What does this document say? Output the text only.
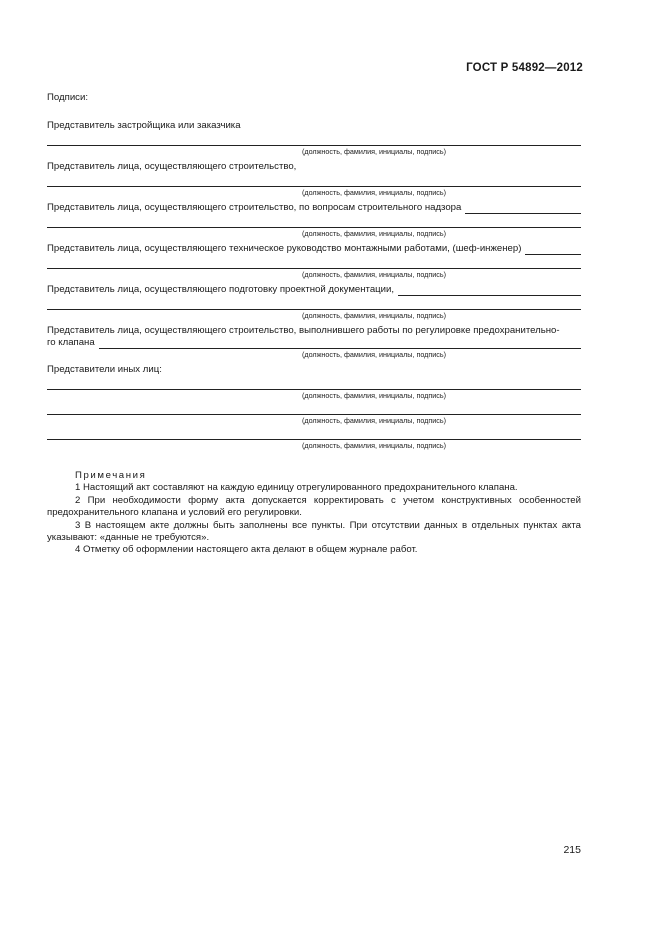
ГОСТ Р 54892—2012

Подписи:

Представитель застройщика или заказчика

(должность, фамилия, инициалы, подпись)

Представитель лица, осуществляющего строительство,

(должность, фамилия, инициалы, подпись)
Представитель лица, осуществляющего строительство, по вопросам строительного надзора
(должность, фамилия, инициалы, подпись)
Представитель лица, осуществляющего техническое руководство монтажными работами, (шеф-инженер)
(должность, фамилия, инициалы, подпись)
Представитель лица, осуществляющего подготовку проектной документации,
(должность, фамилия, инициалы, подпись)

Представитель лица, осуществляющего строительство, выполнившего работы по регулировке предохранительно-

го клапана
(должность, фамилия, инициалы, подпись)

Представители иных лиц:

(должность, фамилия, инициалы, подпись)
(должность, фамилия, инициалы, подпись)
(должность, фамилия, инициалы, подпись)
Примечания

1 Настоящий акт составляют на каждую единицу отрегулированного предохранительного клапана.

2 При необходимости форму акта допускается корректировать с учетом конструктивных особенностей предохранительного клапана и условий его регулировки.

3 В настоящем акте должны быть заполнены все пункты. При отсутствии данных в отдельных пунктах акта указывают: «данные не требуются».

4 Отметку об оформлении настоящего акта делают в общем журнале работ.

215
